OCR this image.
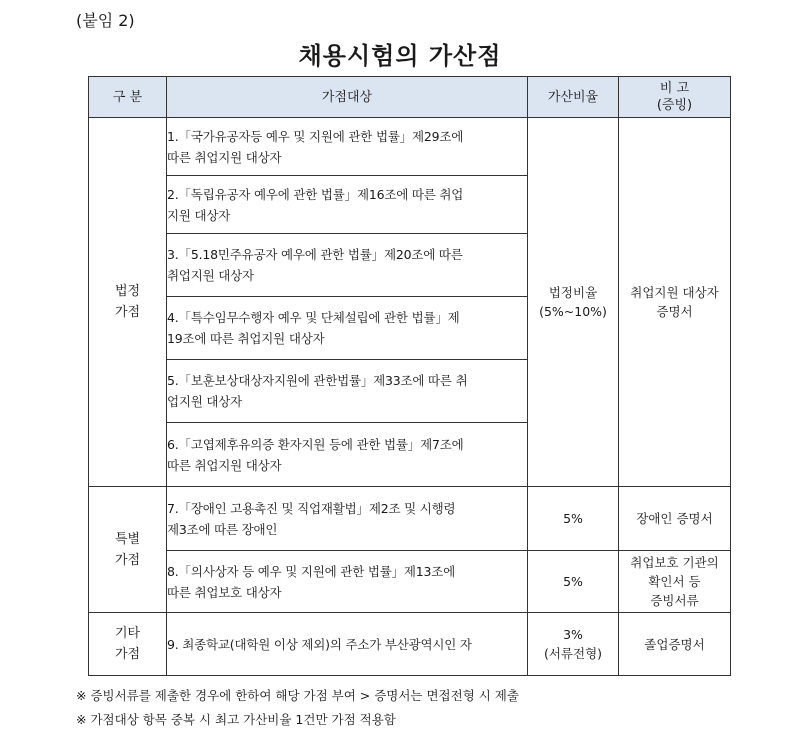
(붙임 2)
채용시험의 가산점
구 분	가점대상	가산비율	비 고
(증빙)
법정
가점	1.「국가유공자등 예우 및 지원에 관한 법률」제29조에
따른 취업지원 대상자	법정비율
(5%~10%)	취업지원 대상자
증명서
	2.「독립유공자 예우에 관한 법률」제16조에 따른 취업
지원 대상자		
	3.「5.18민주유공자 예우에 관한 법률」제20조에 따른
취업지원 대상자		
	4.「특수임무수행자 예우 및 단체설립에 관한 법률」제
19조에 따른 취업지원 대상자		
	5.「보훈보상대상자지원에 관한법률」제33조에 따른 취
업지원 대상자		
	6.「고엽제후유의증 환자지원 등에 관한 법률」제7조에
따른 취업지원 대상자		
특별
가점	7.「장애인 고용촉진 및 직업재활법」제2조 및 시행령
제3조에 따른 장애인	5%	장애인 증명서
	8.「의사상자 등 예우 및 지원에 관한 법률」제13조에
따른 취업보호 대상자	5%	취업보호 기관의
확인서 등
증빙서류
기타
가점	9. 최종학교(대학원 이상 제외)의 주소가 부산광역시인 자	3%
(서류전형)	졸업증명서
※ 증빙서류를 제출한 경우에 한하여 해당 가점 부여 > 증명서는 면접전형 시 제출
※ 가점대상 항목 중복 시 최고 가산비율 1건만 가점 적용함
